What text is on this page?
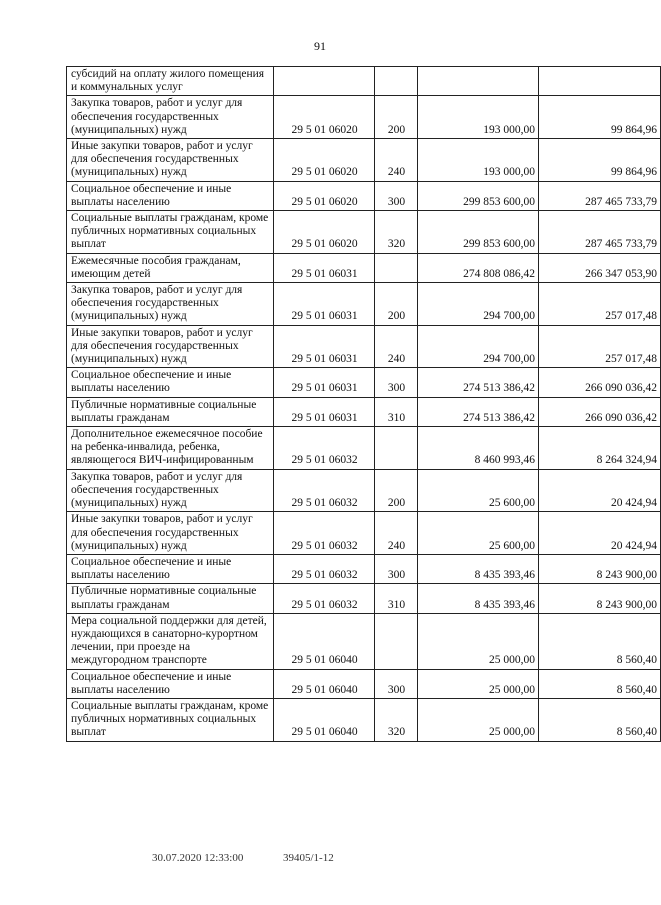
91
субсидий на оплату жилого помещения и коммунальных услуг				
Закупка товаров, работ и услуг для обеспечения государственных (муниципальных) нужд	29 5 01 06020	200	193 000,00	99 864,96
Иные закупки товаров, работ и услуг для обеспечения государственных (муниципальных) нужд	29 5 01 06020	240	193 000,00	99 864,96
Социальное обеспечение и иные выплаты населению	29 5 01 06020	300	299 853 600,00	287 465 733,79
Социальные выплаты гражданам, кроме публичных нормативных социальных выплат	29 5 01 06020	320	299 853 600,00	287 465 733,79
Ежемесячные пособия гражданам, имеющим детей	29 5 01 06031		274 808 086,42	266 347 053,90
Закупка товаров, работ и услуг для обеспечения государственных (муниципальных) нужд	29 5 01 06031	200	294 700,00	257 017,48
Иные закупки товаров, работ и услуг для обеспечения государственных (муниципальных) нужд	29 5 01 06031	240	294 700,00	257 017,48
Социальное обеспечение и иные выплаты населению	29 5 01 06031	300	274 513 386,42	266 090 036,42
Публичные нормативные социальные выплаты гражданам	29 5 01 06031	310	274 513 386,42	266 090 036,42
Дополнительное ежемесячное пособие на ребенка-инвалида, ребенка, являющегося ВИЧ-инфицированным	29 5 01 06032		8 460 993,46	8 264 324,94
Закупка товаров, работ и услуг для обеспечения государственных (муниципальных) нужд	29 5 01 06032	200	25 600,00	20 424,94
Иные закупки товаров, работ и услуг для обеспечения государственных (муниципальных) нужд	29 5 01 06032	240	25 600,00	20 424,94
Социальное обеспечение и иные выплаты населению	29 5 01 06032	300	8 435 393,46	8 243 900,00
Публичные нормативные социальные выплаты гражданам	29 5 01 06032	310	8 435 393,46	8 243 900,00
Мера социальной поддержки для детей, нуждающихся в санаторно-курортном лечении, при проезде на междугородном транспорте	29 5 01 06040		25 000,00	8 560,40
Социальное обеспечение и иные выплаты населению	29 5 01 06040	300	25 000,00	8 560,40
Социальные выплаты гражданам, кроме публичных нормативных социальных выплат	29 5 01 06040	320	25 000,00	8 560,40
30.07.2020 12:33:00	39405/1-12
